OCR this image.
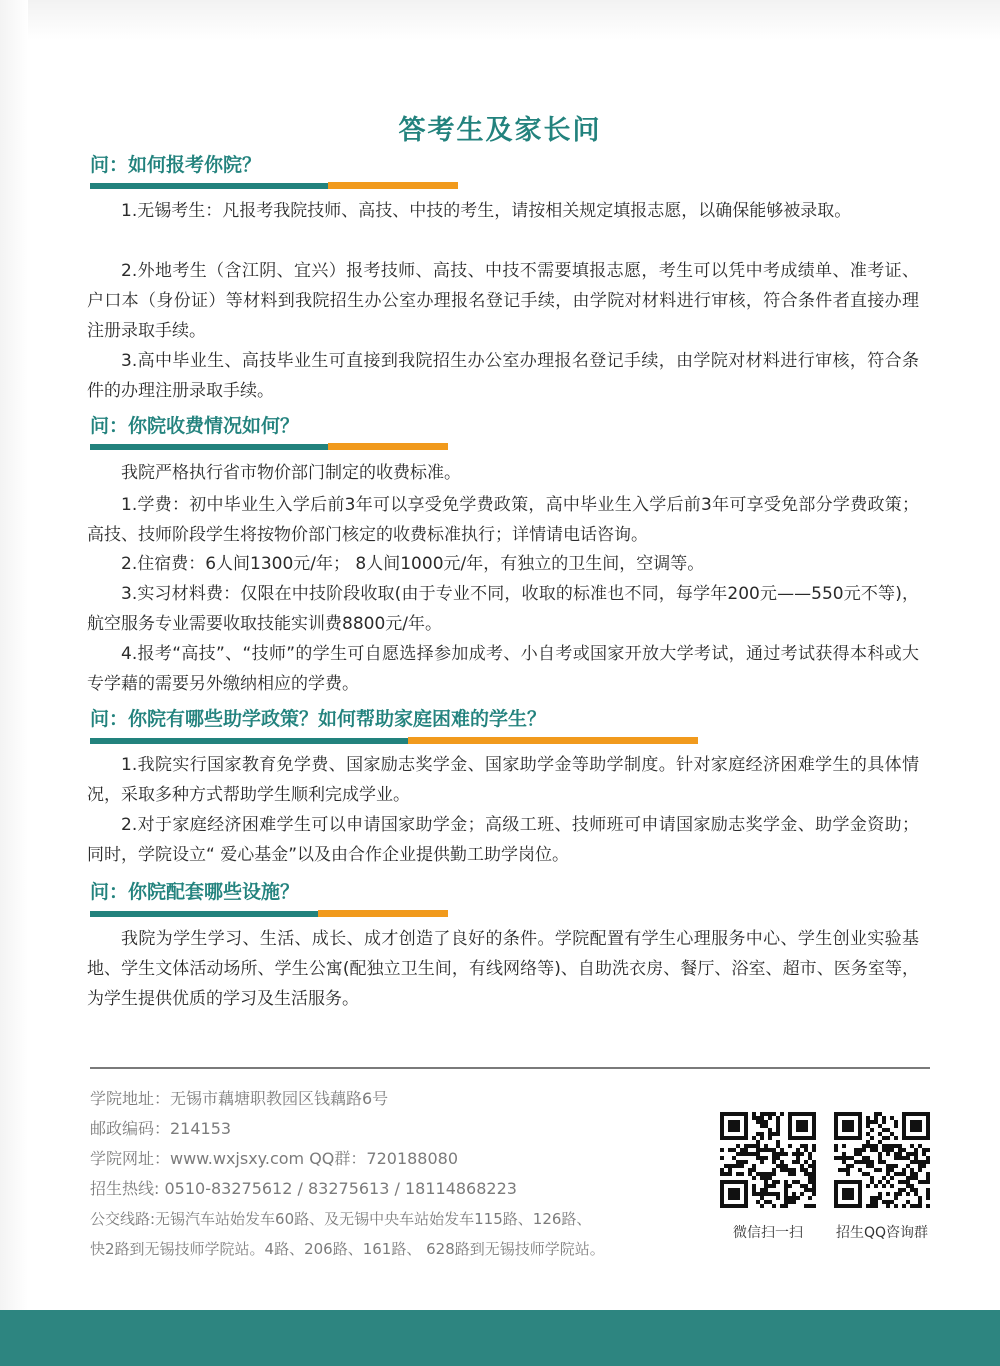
答考生及家长问
问：如何报考你院？
1.无锡考生：凡报考我院技师、高技、中技的考生，请按相关规定填报志愿，以确保能够被录取。
2.外地考生（含江阴、宜兴）报考技师、高技、中技不需要填报志愿，考生可以凭中考成绩单、准考证、户口本（身份证）等材料到我院招生办公室办理报名登记手续，由学院对材料进行审核，符合条件者直接办理注册录取手续。
3.高中毕业生、高技毕业生可直接到我院招生办公室办理报名登记手续，由学院对材料进行审核，符合条件的办理注册录取手续。
问：你院收费情况如何？
我院严格执行省市物价部门制定的收费标准。
1.学费：初中毕业生入学后前3年可以享受免学费政策，高中毕业生入学后前3年可享受免部分学费政策；高技、技师阶段学生将按物价部门核定的收费标准执行；详情请电话咨询。
2.住宿费：6人间1300元/年； 8人间1000元/年，有独立的卫生间，空调等。
3.实习材料费：仅限在中技阶段收取(由于专业不同，收取的标准也不同，每学年200元——550元不等)，航空服务专业需要收取技能实训费8800元/年。
4.报考“高技”、“技师”的学生可自愿选择参加成考、小自考或国家开放大学考试，通过考试获得本科或大专学藉的需要另外缴纳相应的学费。
问：你院有哪些助学政策？如何帮助家庭困难的学生？
1.我院实行国家教育免学费、国家励志奖学金、国家助学金等助学制度。针对家庭经济困难学生的具体情况，采取多种方式帮助学生顺利完成学业。
2.对于家庭经济困难学生可以申请国家助学金；高级工班、技师班可申请国家励志奖学金、助学金资助；同时，学院设立“ 爱心基金”以及由合作企业提供勤工助学岗位。
问：你院配套哪些设施？
我院为学生学习、生活、成长、成才创造了良好的条件。学院配置有学生心理服务中心、学生创业实验基地、学生文体活动场所、学生公寓(配独立卫生间，有线网络等)、自助洗衣房、餐厅、浴室、超市、医务室等，为学生提供优质的学习及生活服务。
学院地址：无锡市藕塘职教园区钱藕路6号
邮政编码：214153
学院网址：www.wxjsxy.com QQ群：720188080
招生热线: 0510-83275612 / 83275613 / 18114868223
公交线路:无锡汽车站始发车60路、及无锡中央车站始发车115路、126路、
快2路到无锡技师学院站。4路、206路、161路、 628路到无锡技师学院站。
微信扫一扫	招生QQ咨询群
